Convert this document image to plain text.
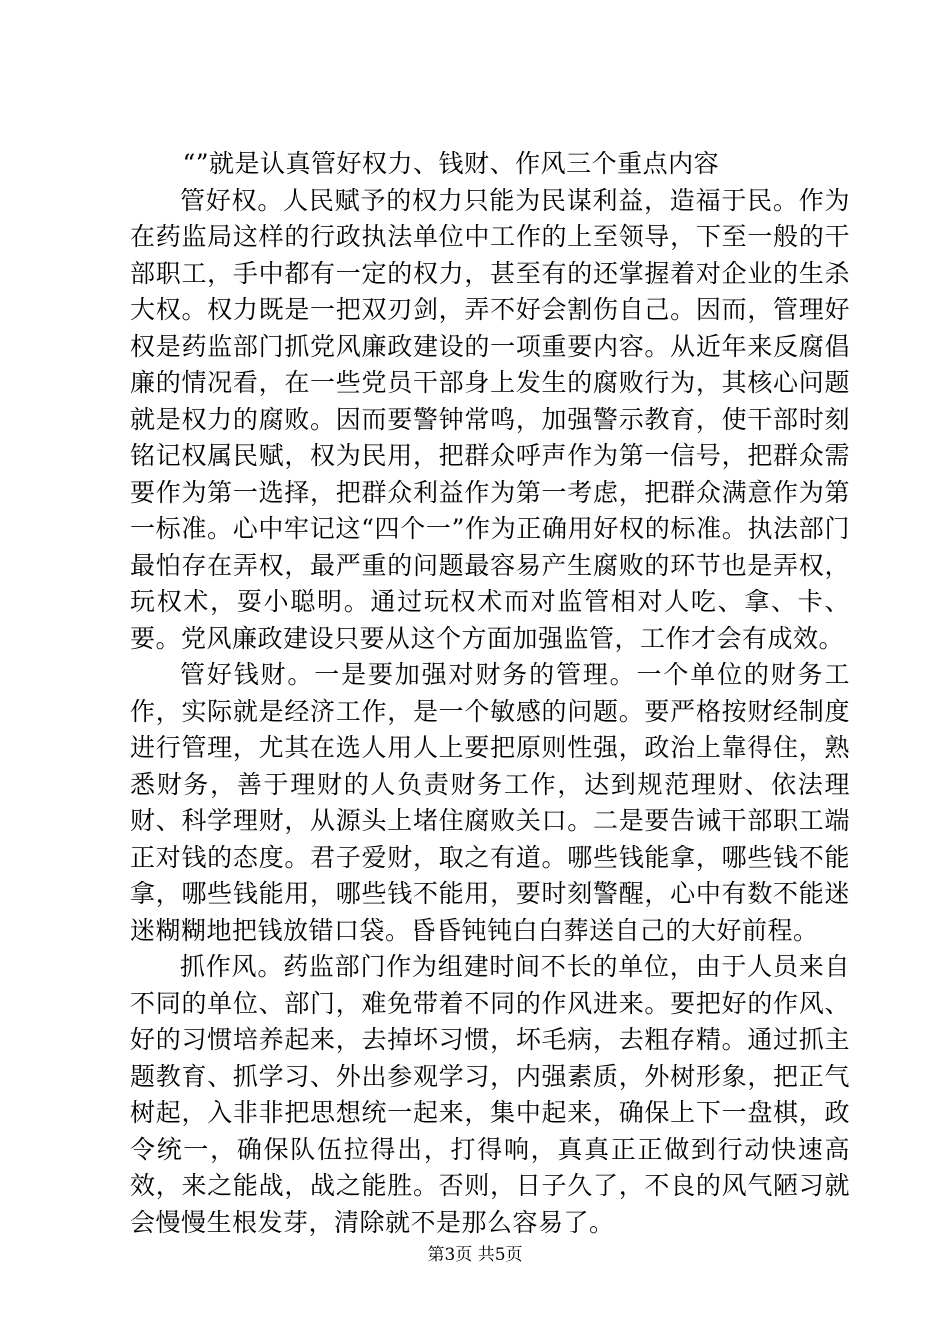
“”就是认真管好权力、钱财、作风三个重点内容

管好权。人民赋予的权力只能为民谋利益，造福于民。作为在药监局这样的行政执法单位中工作的上至领导，下至一般的干部职工，手中都有一定的权力，甚至有的还掌握着对企业的生杀大权。权力既是一把双刃剑，弄不好会割伤自己。因而，管理好权是药监部门抓党风廉政建设的一项重要内容。从近年来反腐倡廉的情况看，在一些党员干部身上发生的腐败行为，其核心问题就是权力的腐败。因而要警钟常鸣，加强警示教育，使干部时刻铭记权属民赋，权为民用，把群众呼声作为第一信号，把群众需要作为第一选择，把群众利益作为第一考虑，把群众满意作为第一标准。心中牢记这“四个一”作为正确用好权的标准。执法部门最怕存在弄权，最严重的问题最容易产生腐败的环节也是弄权，玩权术，耍小聪明。通过玩权术而对监管相对人吃、拿、卡、要。党风廉政建设只要从这个方面加强监管，工作才会有成效。

管好钱财。一是要加强对财务的管理。一个单位的财务工作，实际就是经济工作，是一个敏感的问题。要严格按财经制度进行管理，尤其在选人用人上要把原则性强，政治上靠得住，熟悉财务，善于理财的人负责财务工作，达到规范理财、依法理财、科学理财，从源头上堵住腐败关口。二是要告诫干部职工端正对钱的态度。君子爱财，取之有道。哪些钱能拿，哪些钱不能拿，哪些钱能用，哪些钱不能用，要时刻警醒，心中有数不能迷迷糊糊地把钱放错口袋。昏昏钝钝白白葬送自己的大好前程。

抓作风。药监部门作为组建时间不长的单位，由于人员来自不同的单位、部门，难免带着不同的作风进来。要把好的作风、好的习惯培养起来，去掉坏习惯，坏毛病，去粗存精。通过抓主题教育、抓学习、外出参观学习，内强素质，外树形象，把正气树起，入非非把思想统一起来，集中起来，确保上下一盘棋，政令统一，确保队伍拉得出，打得响，真真正正做到行动快速高效，来之能战，战之能胜。否则，日子久了，不良的风气陋习就会慢慢生根发芽，清除就不是那么容易了。

第3页 共5页
